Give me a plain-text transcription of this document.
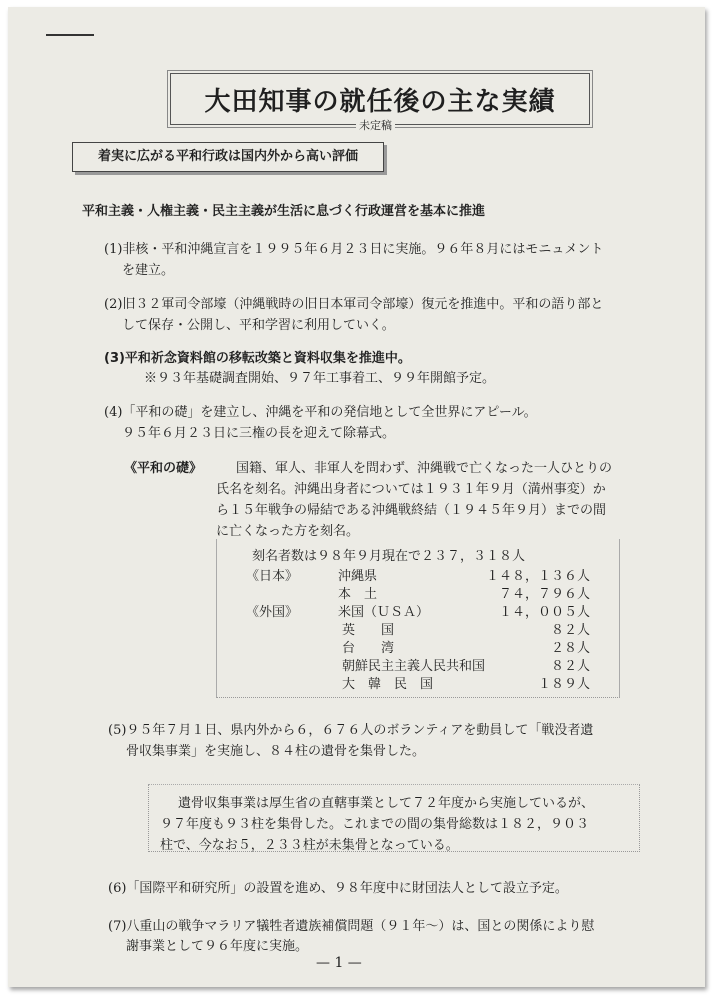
大田知事の就任後の主な実績
未定稿
着実に広がる平和行政は国内外から高い評価
平和主義・人権主義・民主主義が生活に息づく行政運営を基本に推進
(1)非核・平和沖縄宣言を１９９５年６月２３日に実施。９６年８月にはモニュメント
を建立。
(2)旧３２軍司令部壕（沖縄戦時の旧日本軍司令部壕）復元を推進中。平和の語り部と
して保存・公開し、平和学習に利用していく。
(3)平和祈念資料館の移転改築と資料収集を推進中。
※９３年基礎調査開始、９７年工事着工、９９年開館予定。
(4)「平和の礎」を建立し、沖縄を平和の発信地として全世界にアピール。
９５年６月２３日に三権の長を迎えて除幕式。
《平和の礎》	国籍、軍人、非軍人を問わず、沖縄戦で亡くなった一人ひとりの
氏名を刻名。沖縄出身者については１９３１年９月（満州事変）か
ら１５年戦争の帰結である沖縄戦終結（１９４５年９月）までの間
に亡くなった方を刻名。
刻名者数は９８年９月現在で２３７，３１８人
《日本》	沖縄県	１４８，１３６人
本　土	７４，７９６人
《外国》	米国（ＵＳＡ）	１４，００５人
英　　国	８２人
台　　湾	２８人
朝鮮民主主義人民共和国	８２人
大　韓　民　国	１８９人
(5)９５年７月１日、県内外から６，６７６人のボランティアを動員して「戦没者遺
骨収集事業」を実施し、８４柱の遺骨を集骨した。
遺骨収集事業は厚生省の直轄事業として７２年度から実施しているが、
９７年度も９３柱を集骨した。これまでの間の集骨総数は１８２，９０３
柱で、今なお５，２３３柱が未集骨となっている。
(6)「国際平和研究所」の設置を進め、９８年度中に財団法人として設立予定。
(7)八重山の戦争マラリア犠牲者遺族補償問題（９１年～）は、国との関係により慰
謝事業として９６年度に実施。
— 1 —
